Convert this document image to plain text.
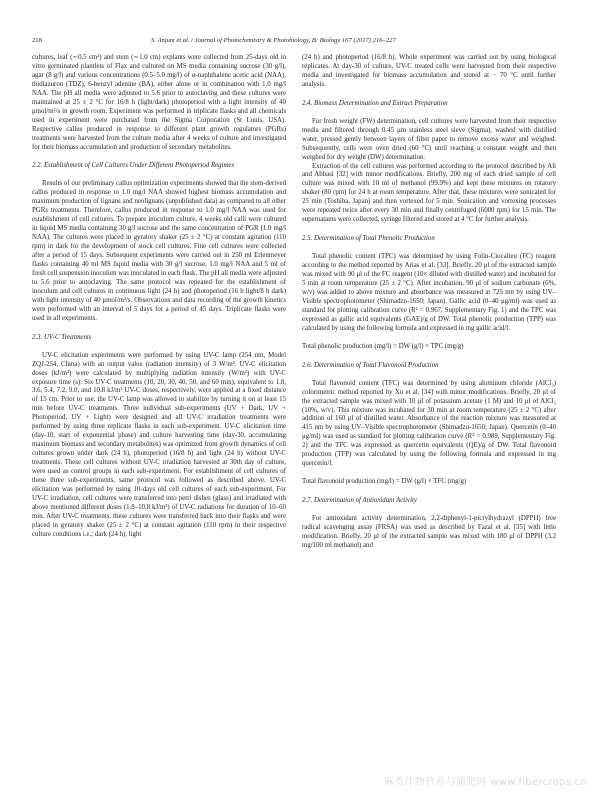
218	S. Anjum et al. / Journal of Photochemistry & Photobiology, B: Biology 167 (2017) 216–227

cultures, leaf (∼0.5 cm²) and stem (∼1.0 cm) explants were collected from 25-days old in vitro germinated plantlets of Flax and cultured on MS media containing sucrose (30 g/l), agar (8 g/l) and various concentrations (0.5–5.0 mg/l) of α-naphthalene acetic acid (NAA), thidiazuron (TDZ), 6-benzyl adenine (BA), either alone or in combination with 1.0 mg/l NAA. The pH all media were adjusted to 5.6 prior to autoclaving and these cultures were maintained at 25 ± 2 °C for 16/8 h (light/dark) photoperiod with a light intensity of 40 μmol/m²/s in growth room. Experiment was performed in triplicate flasks and all chemicals used in experiment were purchased from the Sigma Corporation (St Louis, USA). Respective callus produced in response to different plant growth regulators (PGRs) treatments were harvested from the culture media after 4 weeks of culture and investigated for their biomass accumulation and production of secondary metabolites.

2.2. Establishment of Cell Cultures Under Different Photoperiod Regimes

Results of our preliminary callus optimization experiments showed that the stem-derived callus produced in response to 1.0 mg/l NAA showed highest biomass accumulation and maximum production of lignans and neolignans (unpublished data) as compared to all other PGRs treatments. Therefore, callus produced in response to 1.0 mg/l NAA was used for establishment of cell cultures. To prepare inoculum culture, 4 weeks old calli were cultured in liquid MS media containing 30 g/l sucrose and the same concentration of PGR (1.0 mg/l NAA). The cultures were placed in gyratory shaker (25 ± 2 °C) at constant agitation (110 rpm) in dark for the development of stock cell cultures. Fine cell cultures were collected after a period of 15 days. Subsequent experiments were carried out in 250 ml Erlenmeyer flasks containing 40 ml MS liquid media with 30 g/l sucrose, 1.0 mg/l NAA and 5 ml of fresh cell suspension inoculum was inoculated in each flask. The pH all media were adjusted to 5.6 prior to autoclaving. The same protocol was repeated for the establishment of inoculum and cell cultures in continuous light (24 h) and photoperiod (16 h light/8 h dark) with light intensity of 40 μmol/m²/s. Observations and data recording of the growth kinetics were performed with an interval of 5 days for a period of 45 days. Triplicate flasks were used in all experiments.

2.3. UV-C Treatments

UV-C elicitation experiments were performed by using UV-C lamp (254 nm, Model ZQJ-254, China) with an output value (radiation intensity) of 3 W/m². UV-C elicitation doses (kJ/m²) were calculated by multiplying radiation intensity (W/m²) with UV-C exposure time (s). Six UV-C treatments (10, 20, 30, 40, 50, and 60 min), equivalent to 1.8, 3.6, 5.4, 7.2, 9.0, and 10.8 kJ/m² UV-C doses, respectively, were applied at a fixed distance of 15 cm. Prior to use, the UV-C lamp was allowed to stabilize by turning it on at least 15 min before UV-C treatments. Three individual sub-experiments (UV + Dark, UV + Photoperiod, UV + Light) were designed and all UV-C irradiation treatments were performed by using three replicate flasks in each sub-experiment. UV-C elicitation time (day-10, start of exponential phase) and culture harvesting time (day-30, accumulating maximum biomass and secondary metabolites) was optimized from growth dynamics of cell cultures grown under dark (24 h), photoperiod (16/8 h) and light (24 h) without UV-C treatments. These cell cultures without UV-C irradiation harvested at 30th day of culture, were used as control groups in each sub-experiment. For establishment of cell cultures of these three sub-experiments, same protocol was followed as described above. UV-C elicitation was performed by using 10-days old cell cultures of each sub-experiment. For UV-C irradiation, cell cultures were transferred into petri dishes (glass) and irradiated with above mentioned different doses (1.8–10.8 kJ/m²) of UV-C radiations for duration of 10–60 min. After UV-C treatments, these cultures were transferred back into their flasks and were placed in gyratory shaker (25 ± 2 °C) at constant agitation (110 rpm) in their respective culture conditions i.e.; dark (24 h), light

(24 h) and photoperiod (16/8 h). Whole experiment was carried out by using biological replicates. At day-30 of culture, UV-C treated cells were harvested from their respective media and investigated for biomass accumulation and stored at − 70 °C until further analysis.

2.4. Biomass Determination and Extract Preparation

For fresh weight (FW) determination, cell cultures were harvested from their respective media and filtered through 0.45 μm stainless steel sieve (Sigma), washed with distilled water, pressed gently between layers of filter paper to remove excess water and weighed. Subsequently, cells were oven dried (60 °C) until reaching a constant weight and then weighed for dry weight (DW) determination.

Extraction of the cell cultures was performed according to the protocol described by Ali and Abbasi [32] with minor modifications. Briefly, 200 mg of each dried sample of cell culture was mixed with 10 ml of methanol (99.9%) and kept these mixtures on rotatory shaker (80 rpm) for 24 h at room temperature. After that, these mixtures were sonicated for 25 min (Toshiba, Japan) and then vortexed for 5 min. Sonication and vortexing processes were repeated twice after every 30 min and finally centrifuged (6000 rpm) for 15 min. The supernatants were collected, syringe filtered and stored at 4 °C for further analysis.

2.5. Determination of Total Phenolic Production

Total phenolic content (TPC) was determined by using Folin-Ciocalteu (FC) reagent according to the method reported by Arias et al. [33]. Briefly, 20 μl of the extracted sample was mixed with 90 μl of the FC reagent (10× diluted with distilled water) and incubated for 5 min at room temperature (25 ± 2 °C). After incubation, 90 μl of sodium carbonate (6%, w/v) was added to above mixture and absorbance was measured at 725 nm by using UV–Visible spectrophotometer (Shimadzu-1650; Japan). Gallic acid (0–40 μg/ml) was used as standard for plotting calibration curve (R² = 0.967, Supplementary Fig. 1) and the TPC was expressed as gallic acid equivalents (GAE)/g of DW. Total phenolic production (TPP) was calculated by using the following formula and expressed in mg gallic acid/l.

Total phenolic production (mg/l) = DW (g/l) × TPC (mg/g)

2.6. Determination of Total Flavonoid Production

Total flavonoid content (TFC) was determined by using aluminum chloride (AlCl₃) colorimetric method reported by Xu et al. [34] with minor modifications. Briefly, 20 μl of the extracted sample was mixed with 10 μl of potassium acetate (1 M) and 10 μl of AlCl₃ (10%, w/v). This mixture was incubated for 30 min at room temperature (25 ± 2 °C) after addition of 160 μl of distilled water. Absorbance of the reaction mixture was measured at 415 nm by using UV–Visible spectrophotometer (Shimadzu-1650; Japan). Quercetin (0–40 μg/ml) was used as standard for plotting calibration curve (R² = 0.989, Supplementary Fig. 2) and the TFC was expressed as quercetin equivalents (QE)/g of DW. Total flavonoid production (TFP) was calculated by using the following formula and expressed in mg quercetin/l.

Total flavonoid production (mg/l) = DW (g/l) × TFC (mg/g)

2.7. Determination of Antioxidant Activity

For antioxidant activity determination, 2,2-diphenyl-1-picrylhydrazyl (DPPH) free radical scavenging assay (FRSA) was used as described by Fazal et al. [35] with little modification. Briefly, 20 μl of the extracted sample was mixed with 180 μl of DPPH (3.2 mg/100 ml methanol) and

麻类作物营养与施肥网 www.fibercrops.cn
